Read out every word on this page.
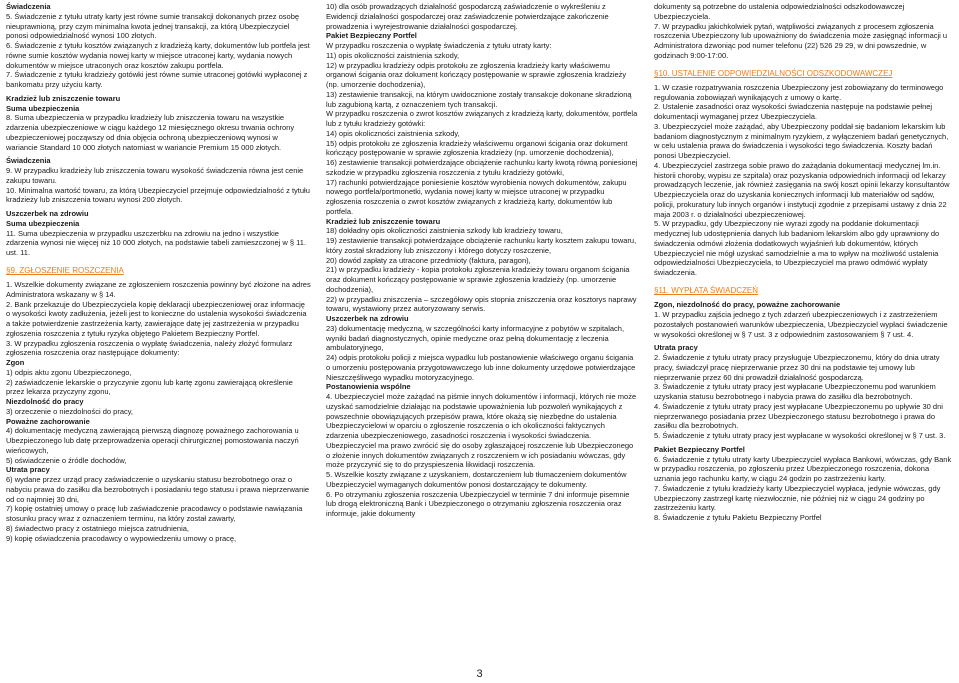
Świadczenia

5. Świadczenie z tytułu utraty karty jest równe sumie transakcji dokonanych przez osobę nieuprawnioną, przy czym minimalna kwota jednej transakcji, za którą Ubezpieczyciel ponosi odpowiedzialność wynosi 100 złotych.

6. Świadczenie z tytułu kosztów związanych z kradzieżą karty, dokumentów lub portfela jest równe sumie kosztów wydania nowej karty w miejsce utraconej karty, wydania nowych dokumentów w miejsce utraconych oraz kosztów zakupu portfela.

7. Świadczenie z tytułu kradzieży gotówki jest równe sumie utraconej gotówki wypłaconej z bankomatu przy użyciu karty.

Kradzież lub zniszczenie towaru

Suma ubezpieczenia

8. Suma ubezpieczenia w przypadku kradzieży lub zniszczenia towaru na wszystkie zdarzenia ubezpieczeniowe w ciągu każdego 12 miesięcznego okresu trwania ochrony ubezpieczeniowej począwszy od dnia objęcia ochroną ubezpieczeniowq wynosi w wariancie Standard 10 000 złotych natomiast w wariancie Premium 15 000 złotych.

Świadczenia

9. W przypadku kradzieży lub zniszczenia towaru wysokość świadczenia równa jest cenie zakupu towaru.

10. Minimalna wartość towaru, za którą Ubezpieczyciel przejmuje odpowiedzialność z tytułu kradzieży lub zniszczenia towaru wynosi 200 złotych.

Uszczerbek na zdrowiu

Suma ubezpieczenia

11. Suma ubezpieczenia w przypadku uszczerbku na zdrowiu na jedno i wszystkie zdarzenia wynosi nie więcej niż 10 000 złotych, na podstawie tabeli zamieszczonej w § 11. ust. 11.

§9. ZGŁOSZENIE ROSZCZENIA

1. Wszelkie dokumenty związane ze zgłoszeniem roszczenia powinny być złożone na adres Administratora wskazany w § 14.

2. Bank przekazuje do Ubezpieczyciela kopię deklaracji ubezpieczeniowej oraz informację o wysokości kwoty zadłużenia, jeżeli jest to konieczne do ustalenia wysokości świadczenia a także potwierdzenie zastrzeżenia karty, zawierające datę jej zastrzeżenia w przypadku zgłoszenia roszczenia z tytułu ryzyka objętego Pakietem Bezpieczny Portfel.

3. W przypadku zgłoszenia roszczenia o wypłatę świadczenia, należy złożyć formularz zgłoszenia roszczenia oraz następujące dokumenty:

Zgon

1) odpis aktu zgonu Ubezpieczonego,

2) zaświadczenie lekarskie o przyczynie zgonu lub kartę zgonu zawierającą określenie przez lekarza przyczyny zgonu,

Niezdolność do pracy

3) orzeczenie o niezdolności do pracy,

Poważne zachorowanie

4) dokumentację medyczną zawierającą pierwszą diagnozę poważnego zachorowania u Ubezpieczonego lub datę przeprowadzenia operacji chirurgicznej pomostowania naczyń wieńcowych,

5) oświadczenie o źródle dochodów,

Utrata pracy

6) wydane przez urząd pracy zaświadczenie o uzyskaniu statusu bezrobotnego oraz o nabyciu prawa do zasiłku dla bezrobotnych i posiadaniu tego statusu i prawa nieprzerwanie od co najmniej 30 dni,

7) kopię ostatniej umowy o pracę lub zaświadczenie pracodawcy o podstawie nawiązania stosunku pracy wraz z oznaczeniem terminu, na który został zawarty,

8) świadectwo pracy z ostatniego miejsca zatrudnienia,

9) kopię oświadczenia pracodawcy o wypowiedzeniu umowy o pracę,

10) dla osób prowadzących działalność gospodarczą zaświadczenie o wykreśleniu z Ewidencji działalności gospodarczej oraz zaświadczenie potwierdzające zakończenie prowadzenia i wyrejestrowanie działalności gospodarczej.

Pakiet Bezpieczny Portfel

W przypadku roszczenia o wypłatę świadczenia z tytułu utraty karty:

11) opis okoliczności zaistnienia szkody,

12) w przypadku kradzieży odpis protokołu ze zgłoszenia kradzieży karty właściwemu organowi ścigania oraz dokument kończący postępowanie w sprawie zgłoszenia kradzieży (np. umorzenie dochodzenia),

13) zestawienie transakcji, na którym uwidocznione zostały transakcje dokonane skradzioną lub zagubioną kartą, z oznaczeniem tych transakcji.

W przypadku roszczenia o zwrot kosztów związanych z kradzieżą karty, dokumentów, portfela lub z tytułu kradzieży gotówki:

14) opis okoliczności zaistnienia szkody,

15) odpis protokołu ze zgłoszenia kradzieży właściwemu organowi ścigania oraz dokument kończący postępowanie w sprawie zgłoszenia kradzieży (np. umorzenie dochodzenia),

16) zestawienie transakcji potwierdzające obciążenie rachunku karty kwotą równą poniesionej szkodzie w przypadku zgłoszenia roszczenia z tytułu kradzieży gotówki,

17) rachunki potwierdzające poniesienie kosztów wyrobienia nowych dokumentów, zakupu nowego portfela/portmonetki, wydania nowej karty w miejsce utraconej w przypadku zgłoszenia roszczenia o zwrot kosztów związanych z kradzieżą karty, dokumentów lub portfela.

Kradzież lub zniszczenie towaru

18) dokładny opis okoliczności zaistnienia szkody lub kradzieży towaru,

19) zestawienie transakcji potwierdzające obciążenie rachunku karty kosztem zakupu towaru, który został skradziony lub zniszczony i którego dotyczy roszczenie,

20) dowód zapłaty za utracone przedmioty (faktura, paragon),

21) w przypadku kradzieży - kopia protokołu zgłoszenia kradzieży towaru organom ścigania oraz dokument kończący postępowanie w sprawie zgłoszenia kradzieży (np. umorzenie dochodzenia),

22) w przypadku zniszczenia – szczegółowy opis stopnia zniszczenia oraz kosztorys naprawy towaru, wystawiony przez autoryzowany serwis.

Uszczerbek na zdrowiu

23) dokumentację medyczną, w szczególności karty informacyjne z pobytów w szpitalach, wyniki badań diagnostycznych, opinie medyczne oraz pełną dokumentację z leczenia ambulatoryjnego,

24) odpis protokołu policji z miejsca wypadku lub postanowienie właściwego organu ścigania o umorzeniu postępowania przygotowawczego lub inne dokumenty urzędowe potwierdzające Nieszczęśliwego wypadku motoryzacyjnego.

Postanowienia wspólne

4. Ubezpieczyciel może zażądać na piśmie innych dokumentów i informacji, których nie może uzyskać samodzielnie działając na podstawie upoważnienia lub pozwoleń wynikających z powszechnie obowiązujących przepisów prawa, które okażą się niezbędne do ustalenia Ubezpieczycielowi w oparciu o zgłoszenie roszczenia o ich okoliczności faktycznych zdarzenia ubezpieczeniowego, zasadności roszczenia i wysokości świadczenia. Ubezpieczyciel ma prawo zwrócić się do osoby zgłaszającej roszczenie lub Ubezpieczonego o złożenie innych dokumentów związanych z roszczeniem w ich posiadaniu wówczas, gdy może przyczynić się to do przyspieszenia likwidacji roszczenia.

5. Wszelkie koszty związane z uzyskaniem, dostarczeniem lub tłumaczeniem dokumentów Ubezpieczyciel wymaganych dokumentów ponosi dostarczający te dokumenty.

6. Po otrzymaniu zgłoszenia roszczenia Ubezpieczyciel w terminie 7 dni informuje pisemnie lub drogą elektroniczną Bank i Ubezpieczonego o otrzymaniu zgłoszenia roszczenia oraz informuje, jakie dokumenty

dokumenty są potrzebne do ustalenia odpowiedzialności odszkodowawczej Ubezpieczyciela.

7. W przypadku jakichkolwiek pytań, wątpliwości związanych z procesem zgłoszenia roszczenia Ubezpieczony lub upoważniony do świadczenia może zasięgnąć informacji u Administratora dzwoniąc pod numer telefonu (22) 526 29 29, w dni powszednie, w godzinach 9:00-17:00.

§10. USTALENIE ODPOWIEDZIALNOŚCI ODSZKODOWAWCZEJ

1. W czasie rozpatrywania roszczenia Ubezpieczony jest zobowiązany do terminowego regulowania zobowiązań wynikających z umowy o kartę.

2. Ustalenie zasadności oraz wysokości świadczenia następuje na podstawie pełnej dokumentacji wymaganej przez Ubezpieczyciela.

3. Ubezpieczyciel może zażądać, aby Ubezpieczony poddał się badaniom lekarskim lub badaniom diagnostycznym z minimalnym ryzykiem, z wyłączeniem badań genetycznych, w celu ustalenia prawa do świadczenia i wysokości tego świadczenia. Koszty badań ponosi Ubezpieczyciel.

4. Ubezpieczyciel zastrzega sobie prawo do zażądania dokumentacji medycznej lm.in. historii choroby, wypisu ze szpitala) oraz pozyskania odpowiednich informacji od lekarzy prowadzących leczenie, jak również zasięgania na swój koszt opinii lekarzy konsultantów Ubezpieczyciela oraz do uzyskania koniecznych informacji lub materiałów od sądów, policji, prokuratury lub innych organów i instytucji zgodnie z przepisami ustawy z dnia 22 maja 2003 r. o działalności ubezpieczeniowej.

5. W przypadku, gdy Ubezpieczony nie wyrazi zgody na poddanie dokumentacji medycznej lub udostępnienia danych lub badaniom lekarskim albo gdy uprawniony do świadczenia odmówi złożenia dodatkowych wyjaśnień lub dokumentów, których Ubezpieczyciel nie mógł uzyskać samodzielnie a ma to wpływ na możliwość ustalenia odpowiedzialności Ubezpieczyciela, to Ubezpieczyciel ma prawo odmówić wypłaty świadczenia.

§11. WYPŁATA ŚWIADCZEŃ

Zgon, niezdolność do pracy, poważne zachorowanie

1. W przypadku zajścia jednego z tych zdarzeń ubezpieczeniowych i z zastrzeżeniem pozostałych postanowień warunków ubezpieczenia, Ubezpieczyciel wypłaci świadczenie w wysokości określonej w § 7 ust. 3 z odpowiednim zastosowaniem § 7 ust. 4.

Utrata pracy

2. Świadczenie z tytułu utraty pracy przysługuje Ubezpieczonemu, który do dnia utraty pracy, świadczył pracę nieprzerwanie przez 30 dni na podstawie tej umowy lub nieprzerwanie przez 60 dni prowadził działalność gospodarczą.

3. Świadczenie z tytułu utraty pracy jest wypłacane Ubezpieczonemu pod warunkiem uzyskania statusu bezrobotnego i nabycia prawa do zasiłku dla bezrobotnych.

4. Świadczenie z tytułu utraty pracy jest wypłacane Ubezpieczonemu po upływie 30 dni nieprzerwanego posiadania przez Ubezpieczonego statusu bezrobotnego i prawa do zasiłku dla bezrobotnych.

5. Świadczenie z tytułu utraty pracy jest wypłacane w wysokości określonej w § 7 ust. 3.

Pakiet Bezpieczny Portfel

6. Świadczenie z tytułu utraty karty Ubezpieczyciel wypłaca Bankowi, wówczas, gdy Bank w przypadku roszczenia, po zgłoszeniu przez Ubezpieczonego roszczenia, dokona uznania jego rachunku karty, w ciągu 24 godzin po zastrzeżeniu karty.

7. Świadczenie z tytułu kradzieży karty Ubezpieczyciel wypłaca, jedynie wówczas, gdy Ubezpieczony zastrzegł kartę niezwłocznie, nie później niż w ciągu 24 godziny po zastrzeżeniu karty.

8. Świadczenie z tytułu Pakietu Bezpieczny Portfel

3
